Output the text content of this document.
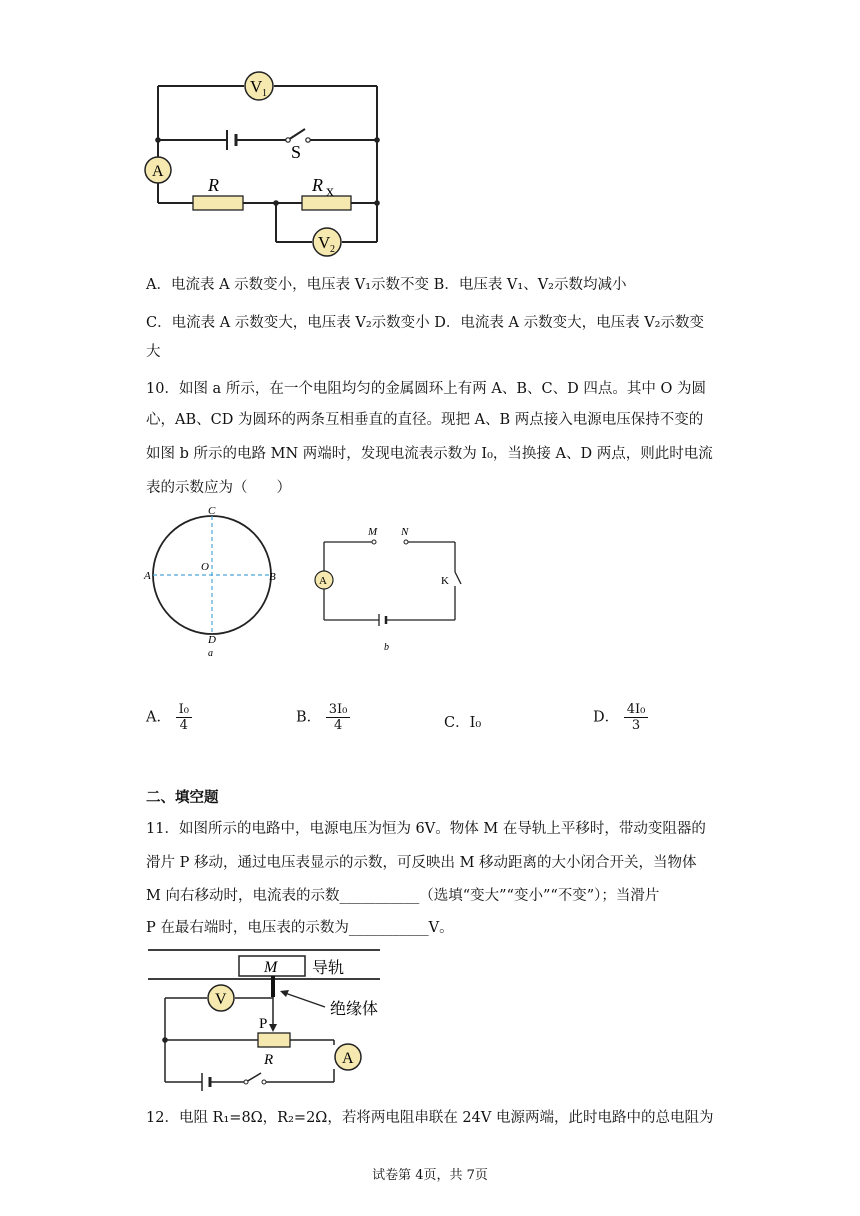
V 1
A
V 2
S
R	R x
A．电流表 A 示数变小，电压表 V₁示数不变 B．电压表 V₁、V₂示数均减小
C．电流表 A 示数变大，电压表 V₂示数变小 D．电流表 A 示数变大，电压表 V₂示数变
大
10．如图 a 所示，在一个电阻均匀的金属圆环上有两 A、B、C、D 四点。其中 O 为圆
心，AB、CD 为圆环的两条互相垂直的直径。现把 A、B 两点接入电源电压保持不变的
如图 b 所示的电路 MN 两端时，发现电流表示数为 I₀，当换接 A、D 两点，则此时电流
表的示数应为（　　）
C
A
O
B
D
a
A
M N
K
b
A． $\frac{\text{I₀}}{4}$	B． $\frac{\text{3I₀}}{4}$	C．I₀	D． $\frac{\text{4I₀}}{3}$
二、填空题
11．如图所示的电路中，电源电压为恒为 6V。物体 M 在导轨上平移时，带动变阻器的
滑片 P 移动，通过电压表显示的示数，可反映出 M 移动距离的大小闭合开关，当物体
M 向右移动时，电流表的示数___________（选填“变大”“变小”“不变”）；当滑片
P 在最右端时，电压表的示数为___________V。
M 导轨
绝缘体
P
R
V
A
12．电阻 R₁=8Ω，R₂=2Ω，若将两电阻串联在 24V 电源两端，此时电路中的总电阻为
试卷第 4页，共 7页
